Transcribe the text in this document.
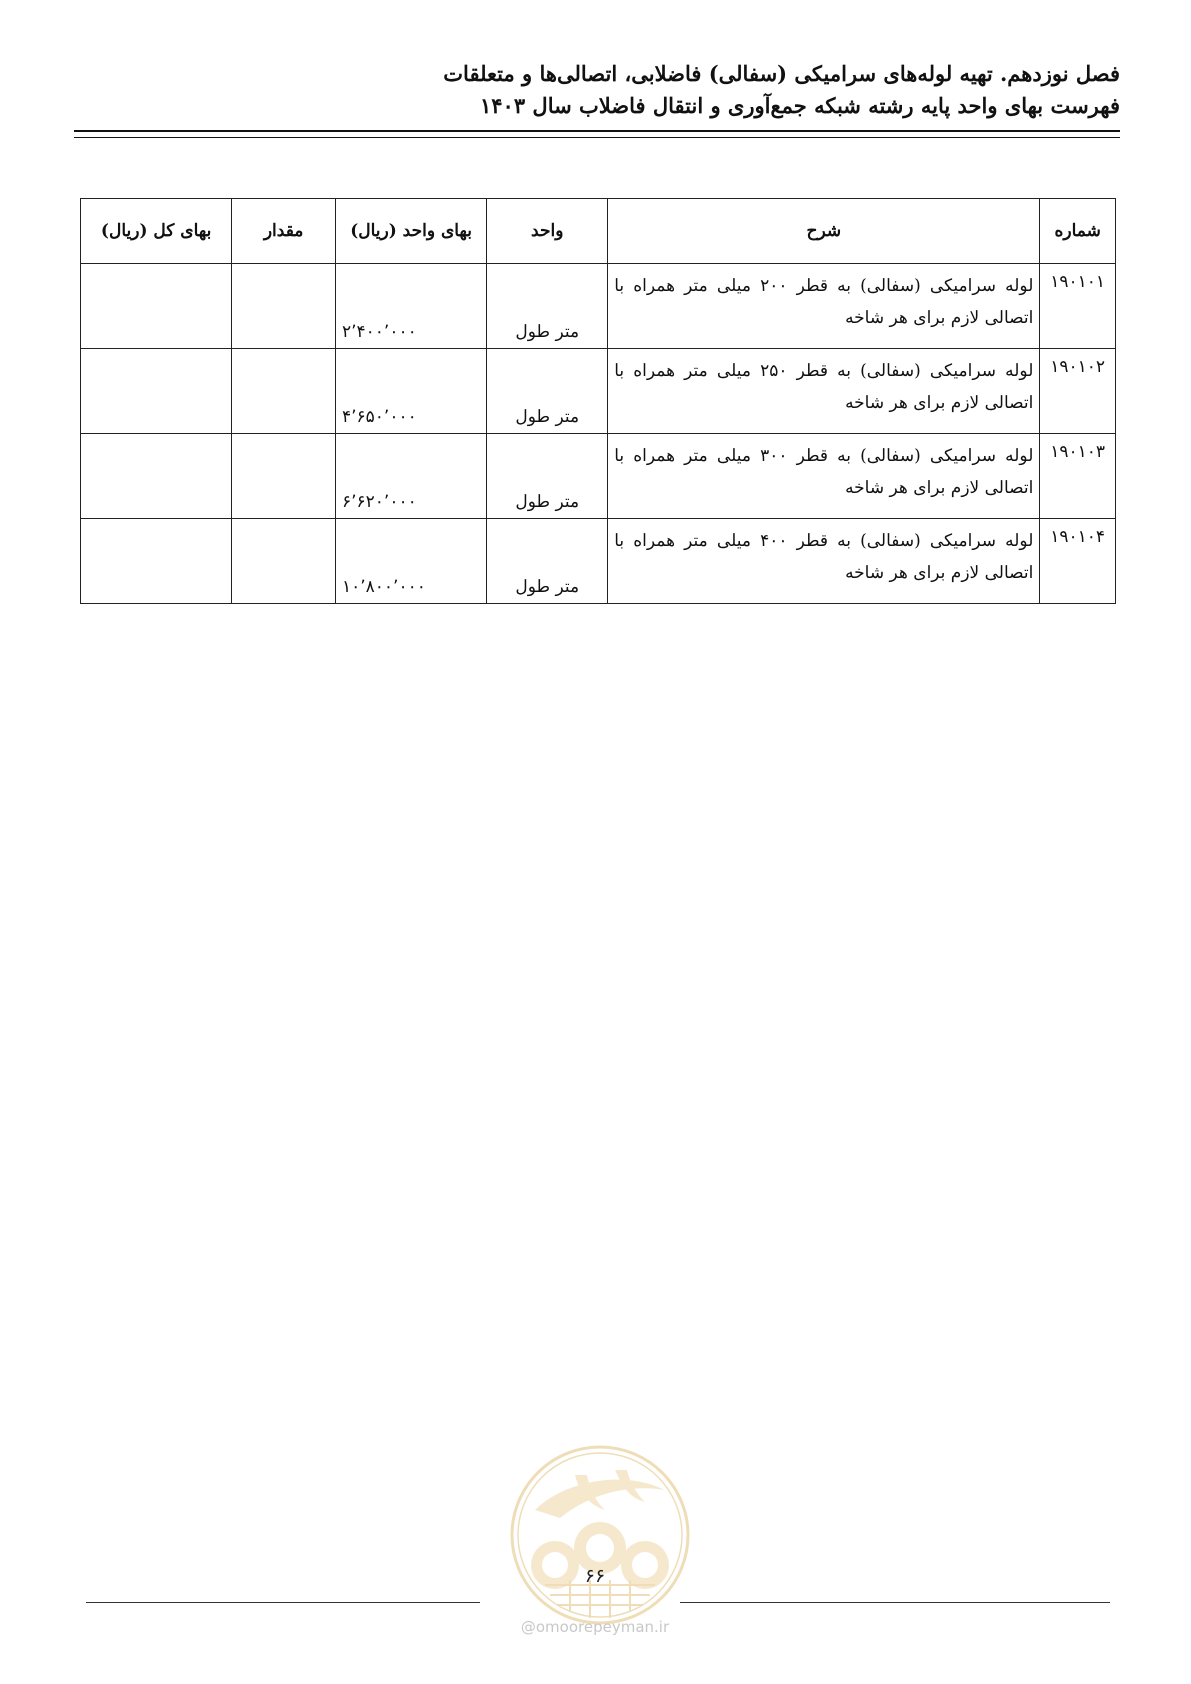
فصل نوزدهم. تهیه لوله‌های سرامیکی (سفالی) فاضلابی، اتصالی‌ها و متعلقات
فهرست بهای واحد پایه رشته شبکه جمع‌آوری و انتقال فاضلاب سال ۱۴۰۳
شماره	شرح	واحد	بهای واحد (ریال)	مقدار	بهای کل (ریال)
۱۹۰۱۰۱	لوله سرامیکی (سفالی) به قطر ۲۰۰ میلی متر همراه با اتصالی لازم برای هر شاخه	متر طول	۲٬۴۰۰٬۰۰۰		
۱۹۰۱۰۲	لوله سرامیکی (سفالی) به قطر ۲۵۰ میلی متر همراه با اتصالی لازم برای هر شاخه	متر طول	۴٬۶۵۰٬۰۰۰		
۱۹۰۱۰۳	لوله سرامیکی (سفالی) به قطر ۳۰۰ میلی متر همراه با اتصالی لازم برای هر شاخه	متر طول	۶٬۶۲۰٬۰۰۰		
۱۹۰۱۰۴	لوله سرامیکی (سفالی) به قطر ۴۰۰ میلی متر همراه با اتصالی لازم برای هر شاخه	متر طول	۱۰٬۸۰۰٬۰۰۰		
۶۶
@omoorepeyman.ir
